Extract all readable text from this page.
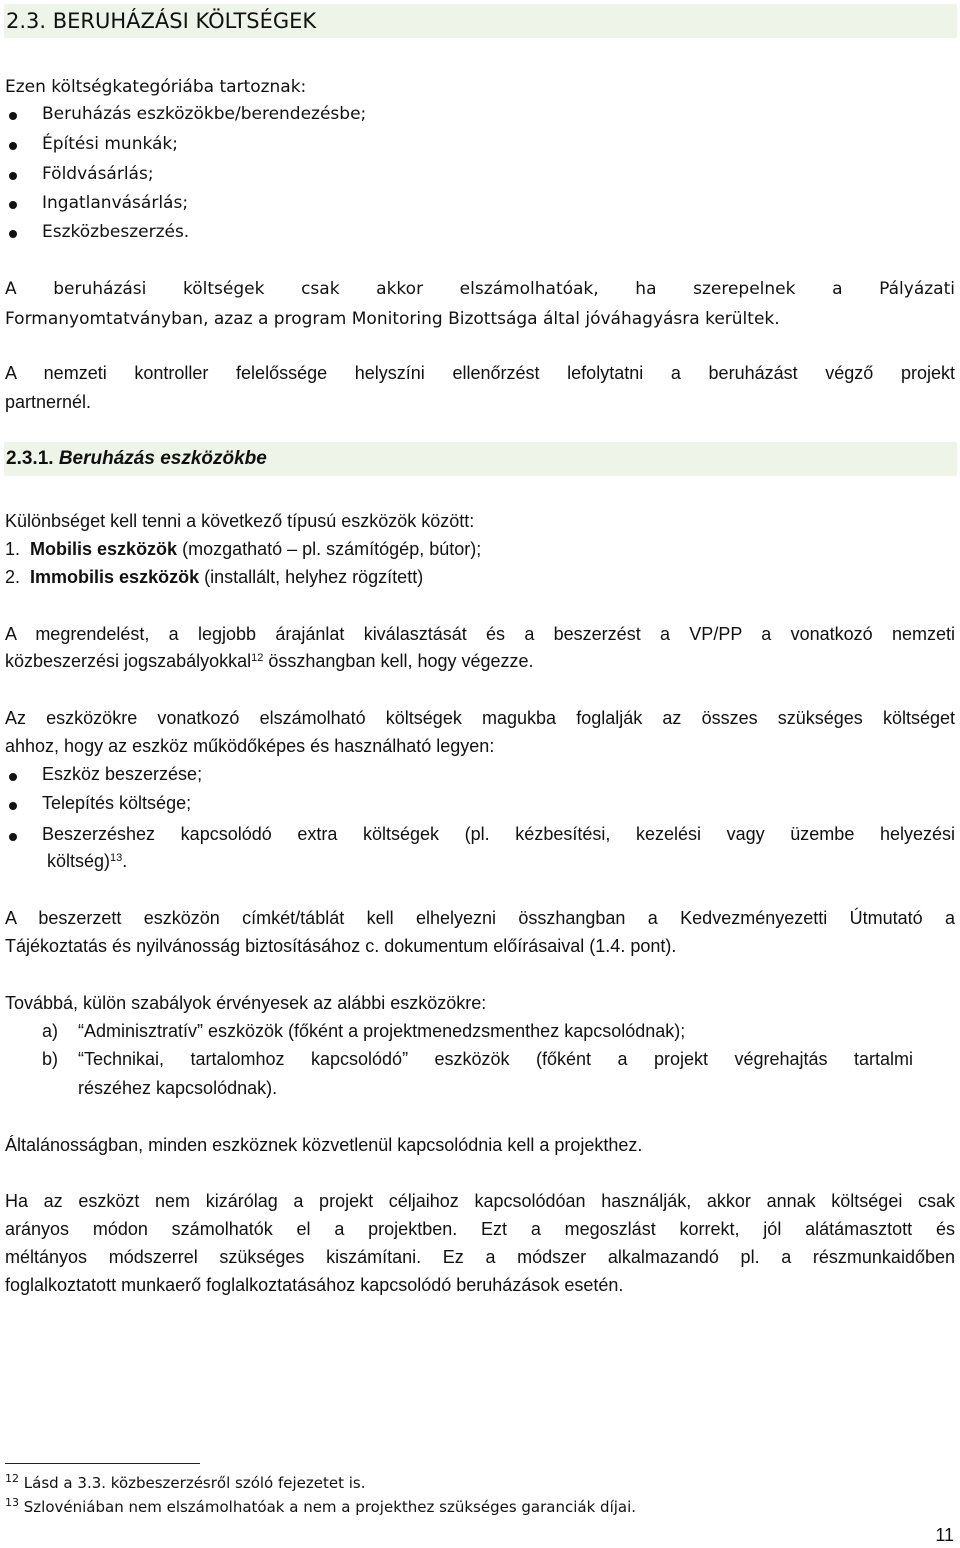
2.3. BERUHÁZÁSI KÖLTSÉGEK
Ezen költségkategóriába tartoznak:
Beruházás eszközökbe/berendezésbe;
Építési munkák;
Földvásárlás;
Ingatlanvásárlás;
Eszközbeszerzés.
A beruházási költségek csak akkor elszámolhatóak, ha szerepelnek a Pályázati
Formanyomtatványban, azaz a program Monitoring Bizottsága által jóváhagyásra kerültek.
A nemzeti kontroller felelőssége helyszíni ellenőrzést lefolytatni a beruházást végző projekt
partnernél.
2.3.1. Beruházás eszközökbe
Különbséget kell tenni a következő típusú eszközök között:
1. Mobilis eszközök (mozgatható – pl. számítógép, bútor);
2. Immobilis eszközök (installált, helyhez rögzített)
A megrendelést, a legjobb árajánlat kiválasztását és a beszerzést a VP/PP a vonatkozó nemzeti
közbeszerzési jogszabályokkal$^{12}$ összhangban kell, hogy végezze.
Az eszközökre vonatkozó elszámolható költségek magukba foglalják az összes szükséges költséget
ahhoz, hogy az eszköz működőképes és használható legyen:
Eszköz beszerzése;
Telepítés költsége;
Beszerzéshez kapcsolódó extra költségek (pl. kézbesítési, kezelési vagy üzembe helyezési
költség)$^{13}$.
A beszerzett eszközön címkét/táblát kell elhelyezni összhangban a Kedvezményezetti Útmutató a
Tájékoztatás és nyilvánosság biztosításához c. dokumentum előírásaival (1.4. pont).
Továbbá, külön szabályok érvényesek az alábbi eszközökre:
a) “Adminisztratív” eszközök (főként a projektmenedzsmenthez kapcsolódnak);
b) “Technikai, tartalomhoz kapcsolódó” eszközök (főként a projekt végrehajtás tartalmi
részéhez kapcsolódnak).
Általánosságban, minden eszköznek közvetlenül kapcsolódnia kell a projekthez.
Ha az eszközt nem kizárólag a projekt céljaihoz kapcsolódóan használják, akkor annak költségei csak
arányos módon számolhatók el a projektben. Ezt a megoszlást korrekt, jól alátámasztott és
méltányos módszerrel szükséges kiszámítani. Ez a módszer alkalmazandó pl. a részmunkaidőben
foglalkoztatott munkaerő foglalkoztatásához kapcsolódó beruházások esetén.
$^{12}$ Lásd a 3.3. közbeszerzésről szóló fejezetet is.
$^{13}$ Szlovéniában nem elszámolhatóak a nem a projekthez szükséges garanciák díjai.
11
